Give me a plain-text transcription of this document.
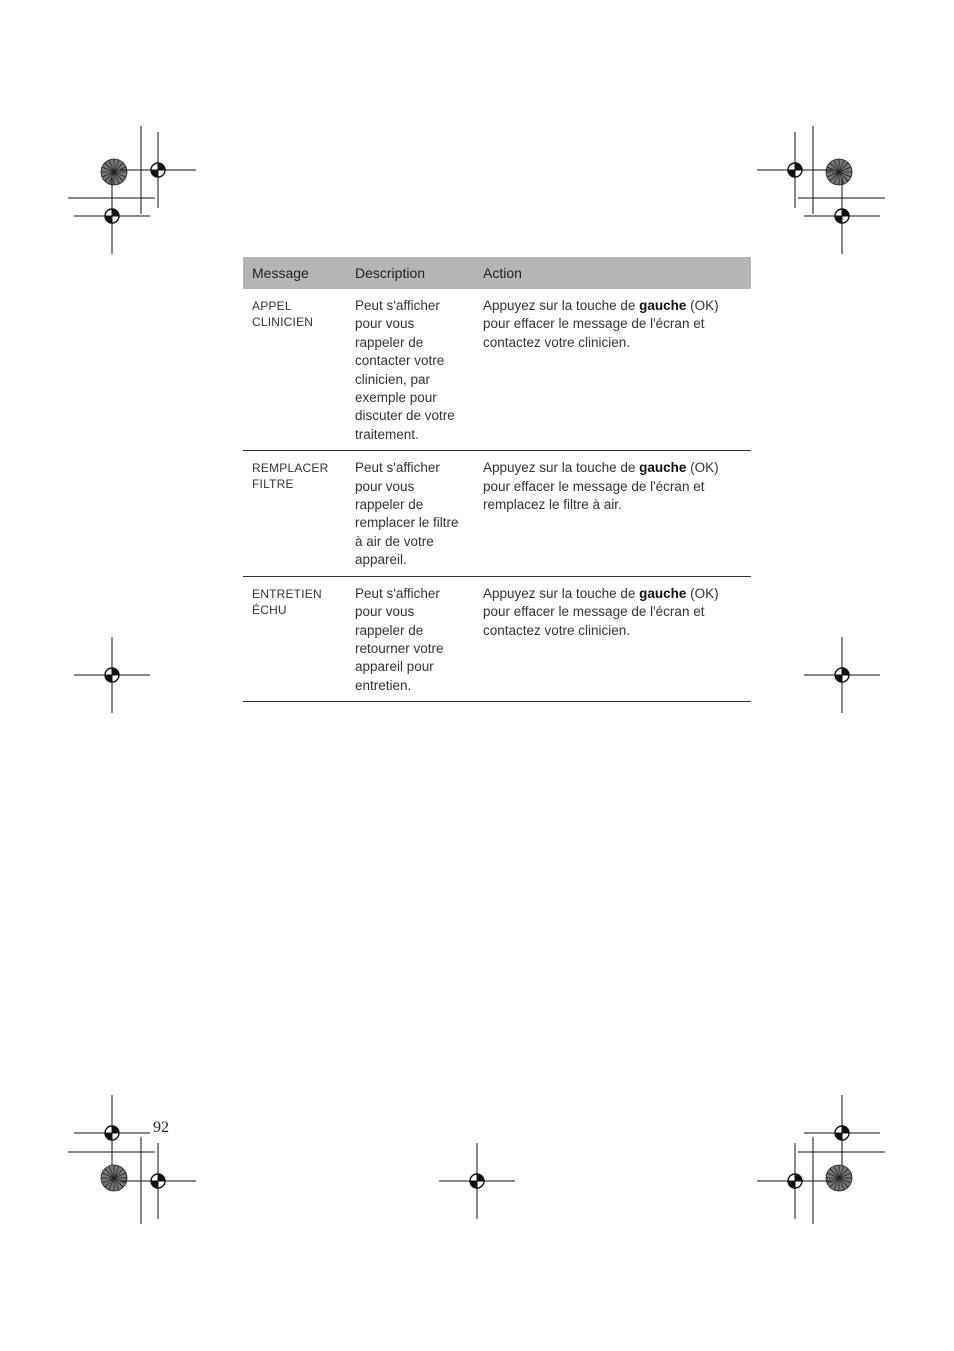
Message	Description	Action
APPEL CLINICIEN	Peut s'afficher pour vous rappeler de contacter votre clinicien, par exemple pour discuter de votre traitement.	Appuyez sur la touche de gauche (OK) pour effacer le message de l'écran et contactez votre clinicien.
REMPLACER FILTRE	Peut s'afficher pour vous rappeler de remplacer le filtre à air de votre appareil.	Appuyez sur la touche de gauche (OK) pour effacer le message de l'écran et remplacez le filtre à air.
ENTRETIEN ÉCHU	Peut s'afficher pour vous rappeler de retourner votre appareil pour entretien.	Appuyez sur la touche de gauche (OK) pour effacer le message de l'écran et contactez votre clinicien.
92
